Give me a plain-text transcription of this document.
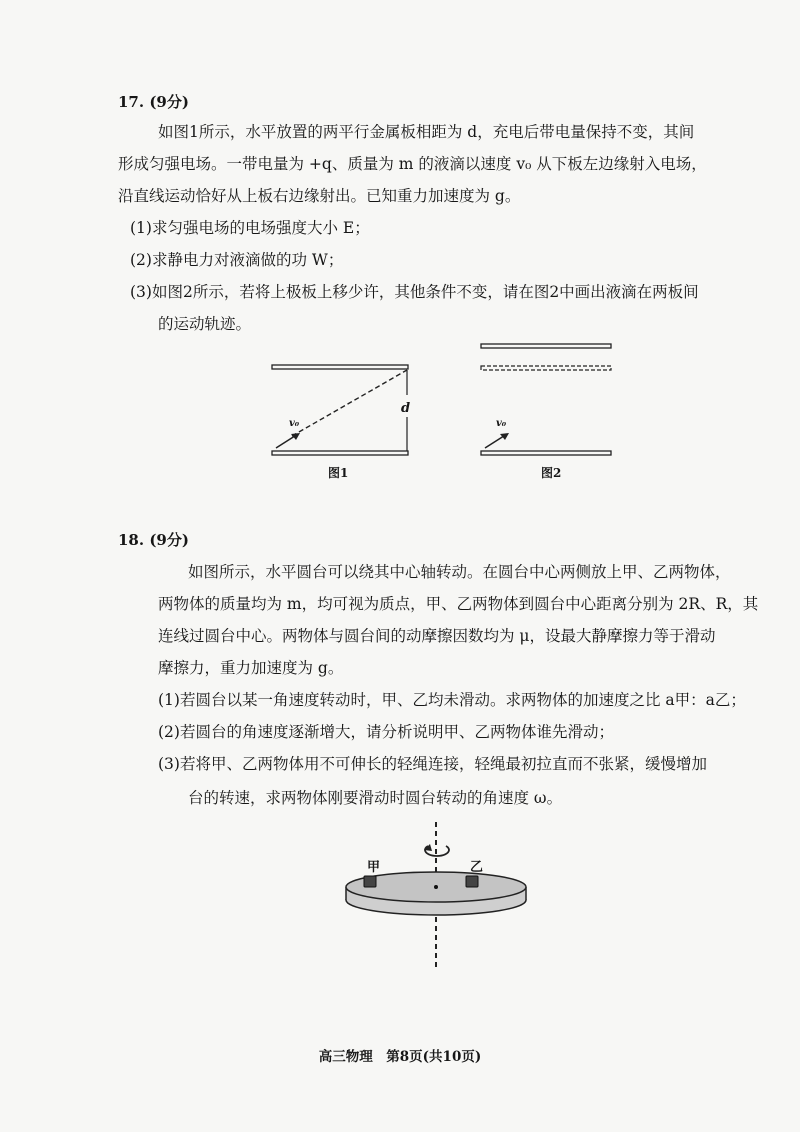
17. (9分)
如图1所示，水平放置的两平行金属板相距为 d，充电后带电量保持不变，其间
形成匀强电场。一带电量为 +q、质量为 m 的液滴以速度 v₀ 从下板左边缘射入电场，
沿直线运动恰好从上板右边缘射出。已知重力加速度为 g。
(1)求匀强电场的电场强度大小 E；
(2)求静电力对液滴做的功 W；
(3)如图2所示，若将上极板上移少许，其他条件不变，请在图2中画出液滴在两板间
的运动轨迹。
d
v₀
图1
v₀
图2
18. (9分)
如图所示，水平圆台可以绕其中心轴转动。在圆台中心两侧放上甲、乙两物体，
两物体的质量均为 m，均可视为质点，甲、乙两物体到圆台中心距离分别为 2R、R，其
连线过圆台中心。两物体与圆台间的动摩擦因数均为 μ，设最大静摩擦力等于滑动
摩擦力，重力加速度为 g。
(1)若圆台以某一角速度转动时，甲、乙均未滑动。求两物体的加速度之比 a甲：a乙；
(2)若圆台的角速度逐渐增大，请分析说明甲、乙两物体谁先滑动；
(3)若将甲、乙两物体用不可伸长的轻绳连接，轻绳最初拉直而不张紧，缓慢增加
台的转速，求两物体刚要滑动时圆台转动的角速度 ω。
甲	乙
高三物理　第8页(共10页)
